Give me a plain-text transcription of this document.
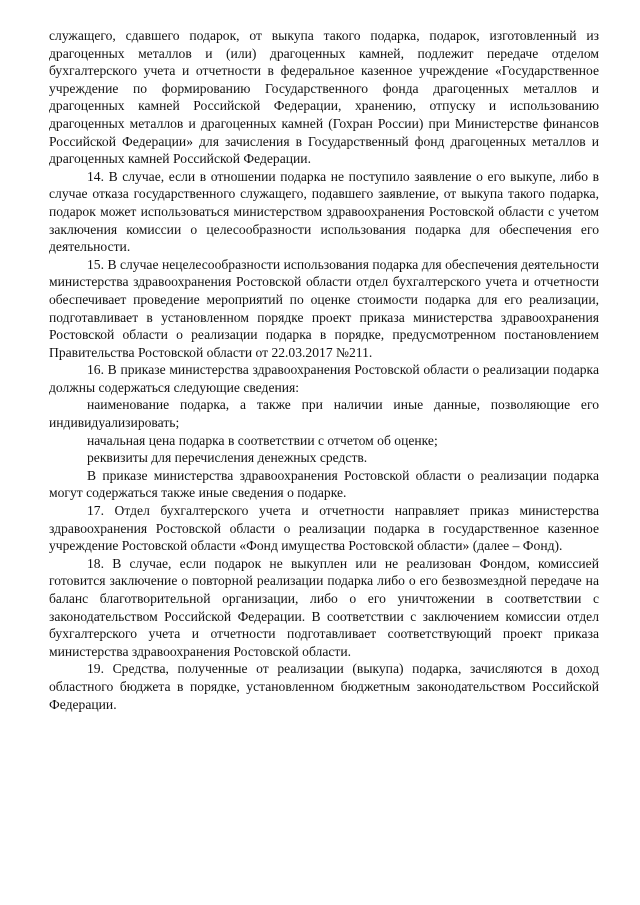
служащего, сдавшего подарок, от выкупа такого подарка, подарок, изготовленный из драгоценных металлов и (или) драгоценных камней, подлежит передаче отделом бухгалтерского учета и отчетности в федеральное казенное учреждение «Государственное учреждение по формированию Государственного фонда драгоценных металлов и драгоценных камней Российской Федерации, хранению, отпуску и использованию драгоценных металлов и драгоценных камней (Гохран России) при Министерстве финансов Российской Федерации» для зачисления в Государственный фонд драгоценных металлов и драгоценных камней Российской Федерации.

14. В случае, если в отношении подарка не поступило заявление о его выкупе, либо в случае отказа государственного служащего, подавшего заявление, от выкупа такого подарка, подарок может использоваться министерством здравоохранения Ростовской области с учетом заключения комиссии о целесообразности использования подарка для обеспечения его деятельности.

15. В случае нецелесообразности использования подарка для обеспечения деятельности министерства здравоохранения Ростовской области отдел бухгалтерского учета и отчетности обеспечивает проведение мероприятий по оценке стоимости подарка для его реализации, подготавливает в установленном порядке проект приказа министерства здравоохранения Ростовской области о реализации подарка в порядке, предусмотренном постановлением Правительства Ростовской области от 22.03.2017 №211.

16. В приказе министерства здравоохранения Ростовской области о реализации подарка должны содержаться следующие сведения:

наименование подарка, а также при наличии иные данные, позволяющие его индивидуализировать;

начальная цена подарка в соответствии с отчетом об оценке;

реквизиты для перечисления денежных средств.

В приказе министерства здравоохранения Ростовской области о реализации подарка могут содержаться также иные сведения о подарке.

17. Отдел бухгалтерского учета и отчетности направляет приказ министерства здравоохранения Ростовской области о реализации подарка в государственное казенное учреждение Ростовской области «Фонд имущества Ростовской области» (далее – Фонд).

18. В случае, если подарок не выкуплен или не реализован Фондом, комиссией готовится заключение о повторной реализации подарка либо о его безвозмездной передаче на баланс благотворительной организации, либо о его уничтожении в соответствии с законодательством Российской Федерации. В соответствии с заключением комиссии отдел бухгалтерского учета и отчетности подготавливает соответствующий проект приказа министерства здравоохранения Ростовской области.

19. Средства, полученные от реализации (выкупа) подарка, зачисляются в доход областного бюджета в порядке, установленном бюджетным законодательством Российской Федерации.
